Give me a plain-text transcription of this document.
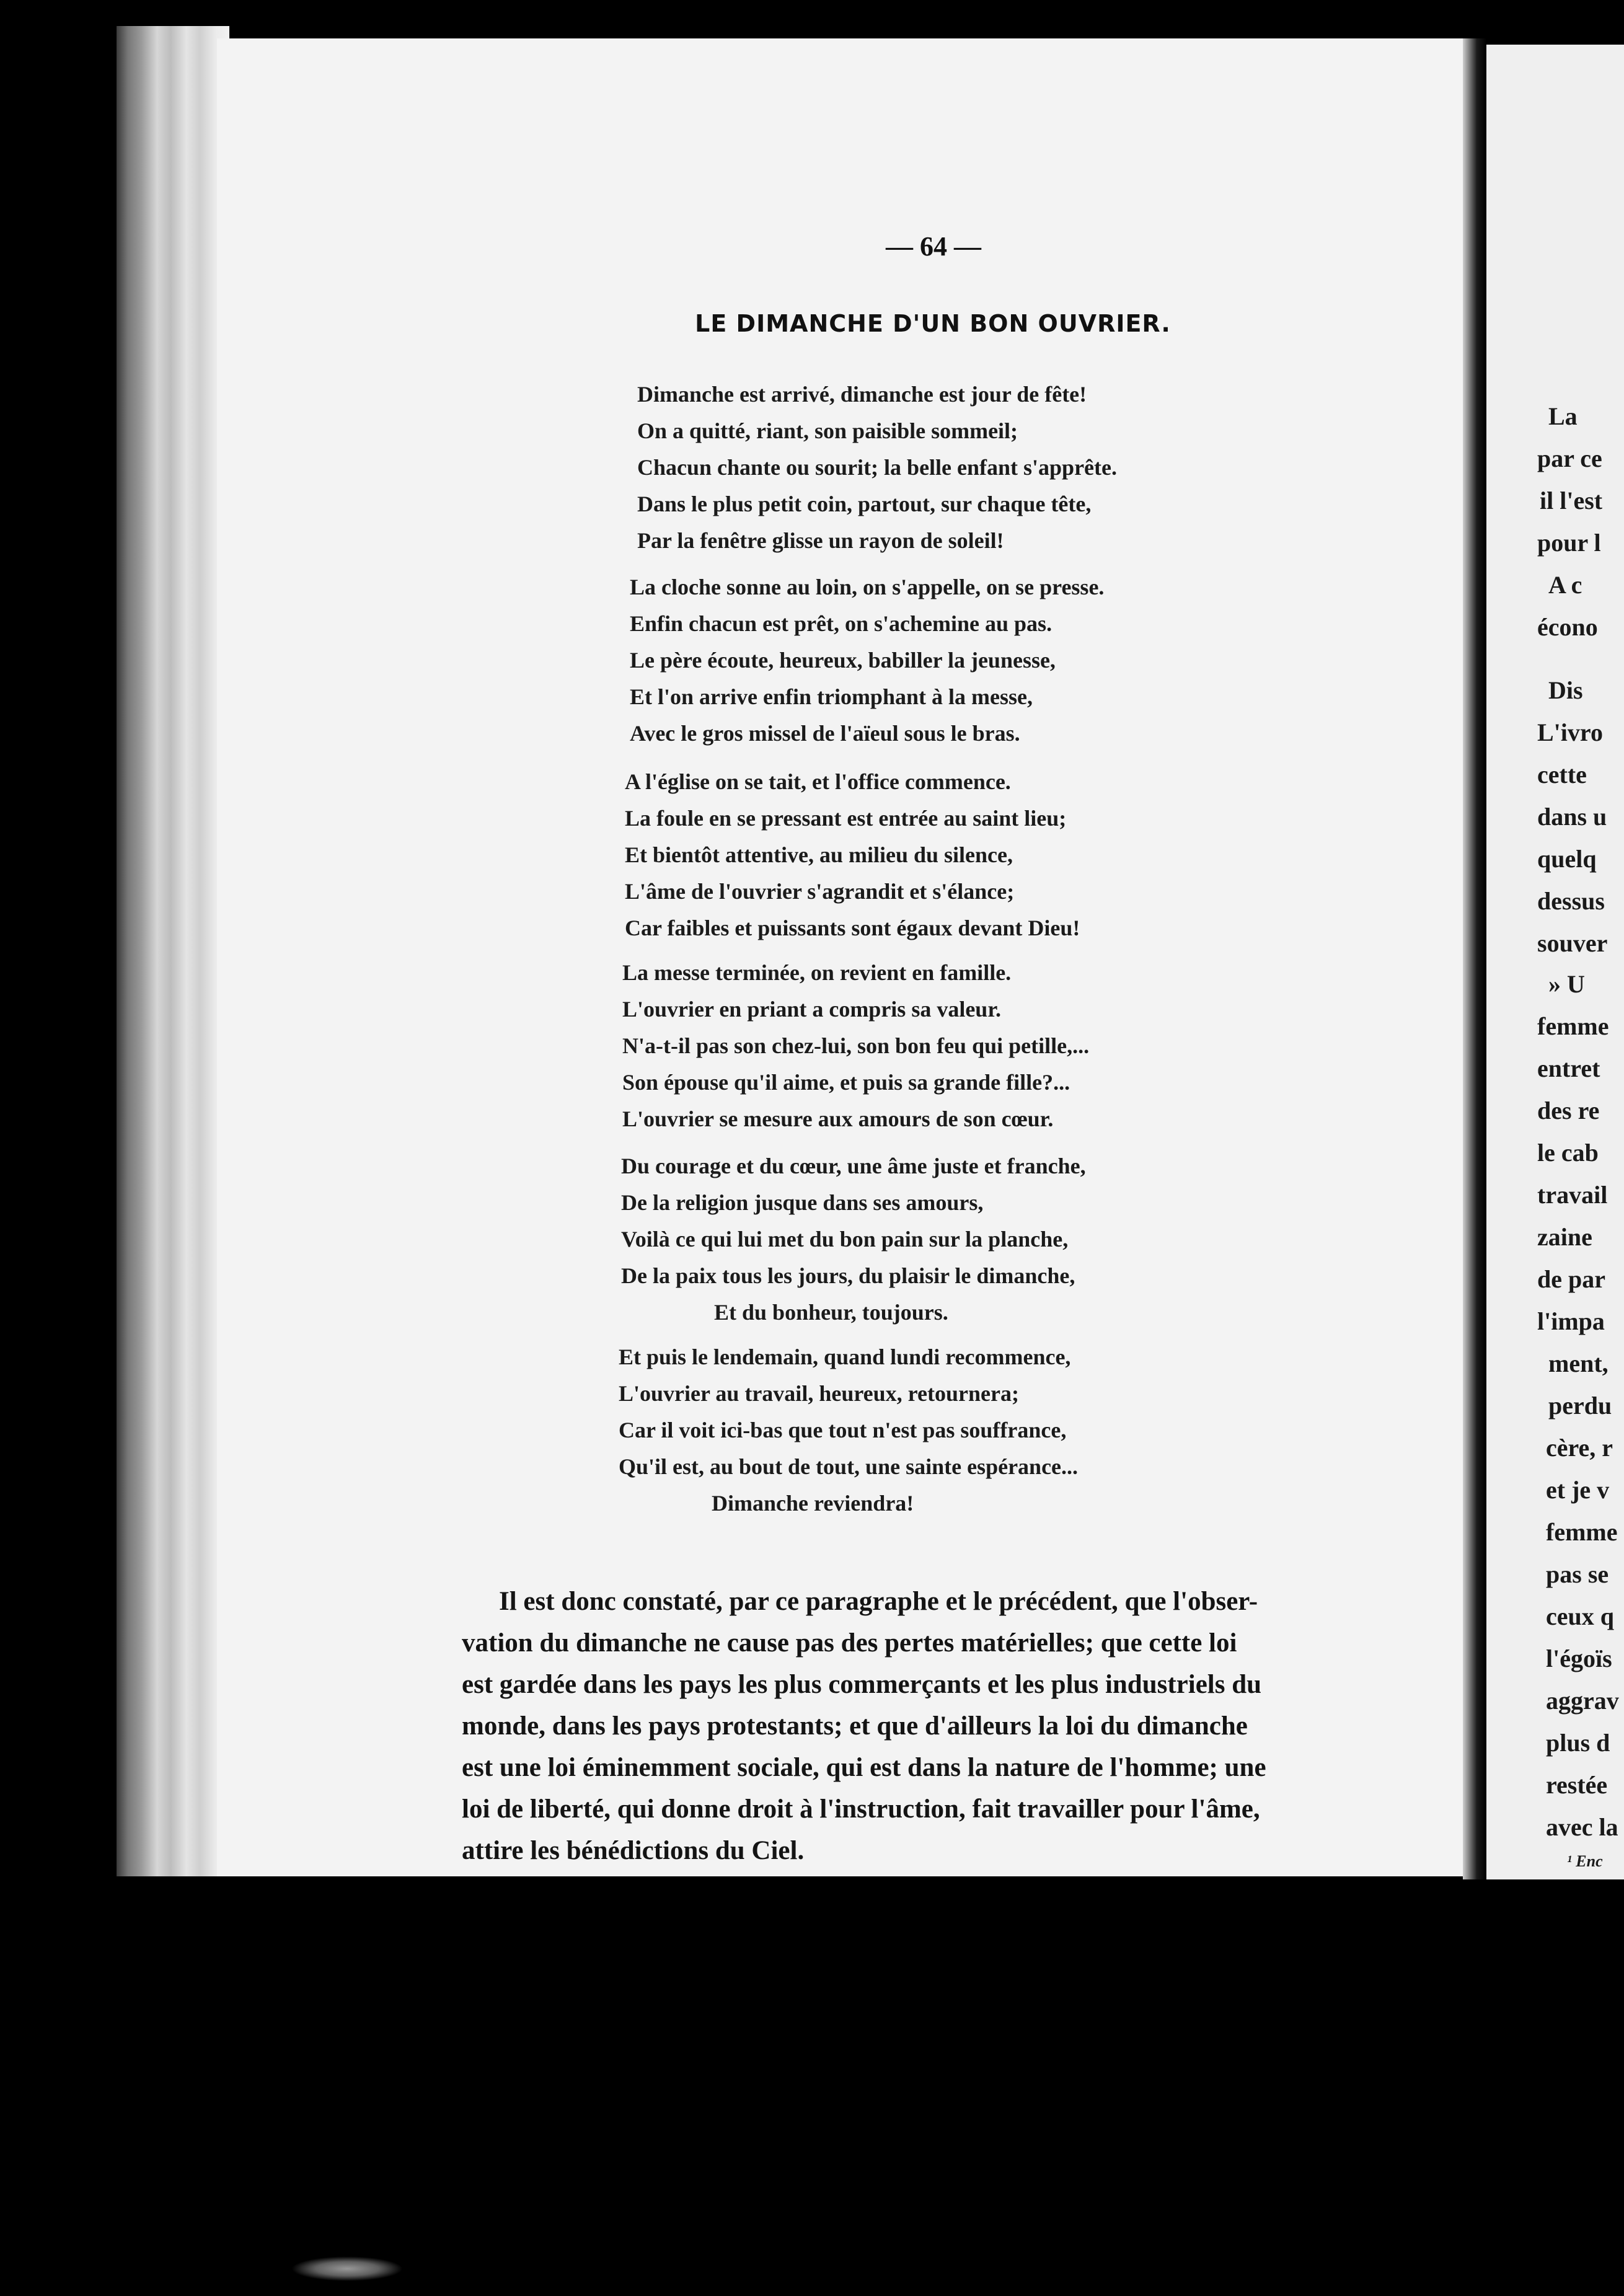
— 64 —
LE DIMANCHE D'UN BON OUVRIER.
Dimanche est arrivé, dimanche est jour de fête!
On a quitté, riant, son paisible sommeil;
Chacun chante ou sourit; la belle enfant s'apprête.
Dans le plus petit coin, partout, sur chaque tête,
Par la fenêtre glisse un rayon de soleil!
La cloche sonne au loin, on s'appelle, on se presse.
Enfin chacun est prêt, on s'achemine au pas.
Le père écoute, heureux, babiller la jeunesse,
Et l'on arrive enfin triomphant à la messe,
Avec le gros missel de l'aïeul sous le bras.
A l'église on se tait, et l'office commence.
La foule en se pressant est entrée au saint lieu;
Et bientôt attentive, au milieu du silence,
L'âme de l'ouvrier s'agrandit et s'élance;
Car faibles et puissants sont égaux devant Dieu!
La messe terminée, on revient en famille.
L'ouvrier en priant a compris sa valeur.
N'a-t-il pas son chez-lui, son bon feu qui petille,...
Son épouse qu'il aime, et puis sa grande fille?...
L'ouvrier se mesure aux amours de son cœur.
Du courage et du cœur, une âme juste et franche,
De la religion jusque dans ses amours,
Voilà ce qui lui met du bon pain sur la planche,
De la paix tous les jours, du plaisir le dimanche,
Et du bonheur, toujours.
Et puis le lendemain, quand lundi recommence,
L'ouvrier au travail, heureux, retournera;
Car il voit ici-bas que tout n'est pas souffrance,
Qu'il est, au bout de tout, une sainte espérance...
Dimanche reviendra!
Il est donc constaté, par ce paragraphe et le précédent, que l'obser-
vation du dimanche ne cause pas des pertes matérielles; que cette loi
est gardée dans les pays les plus commerçants et les plus industriels du
monde, dans les pays protestants; et que d'ailleurs la loi du dimanche
est une loi éminemment sociale, qui est dans la nature de l'homme; une
loi de liberté, qui donne droit à l'instruction, fait travailler pour l'âme,
attire les bénédictions du Ciel.
La
par ce
il l'est
pour l
A c
écono
Dis
L'ivro
cette
dans u
quelq
dessus
souver
» U
femme
entret
des re
le cab
travail
zaine
de par
l'impa
ment,
perdu
cère, r
et je v
femme
pas se
ceux q
l'égoïs
aggrav
plus d
restée
avec la
¹ Enc
